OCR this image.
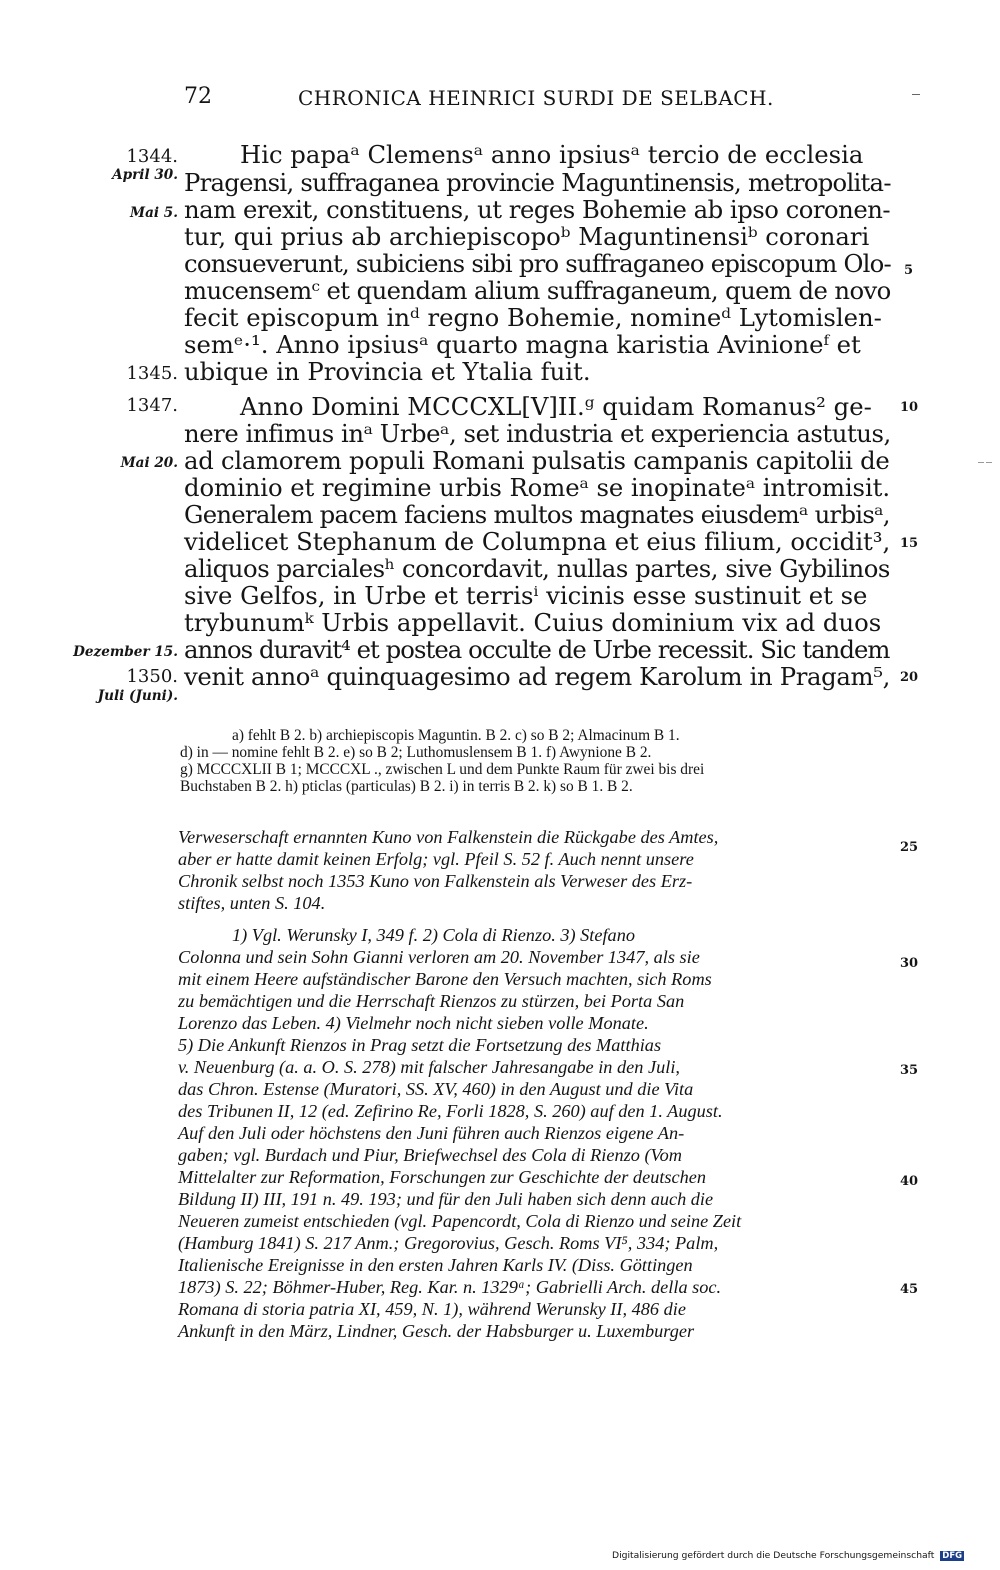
72	CHRONICA HEINRICI SURDI DE SELBACH.
Hic papaᵃ Clemensᵃ anno ipsiusᵃ tercio de ecclesia
Pragensi, suffraganea provincie Maguntinensis, metropolita-
nam erexit, constituens, ut reges Bohemie ab ipso coronen-
tur, qui prius ab archiepiscopoᵇ Maguntinensiᵇ coronari
consueverunt, subiciens sibi pro suffraganeo episcopum Olo-
mucensemᶜ et quendam alium suffraganeum, quem de novo
fecit episcopum inᵈ regno Bohemie, nomineᵈ Lytomislen-
semᵉ·¹. Anno ipsiusᵃ quarto magna karistia Avinioneᶠ et
ubique in Provincia et Ytalia fuit.
Anno Domini MCCCXL[V]II.ᵍ quidam Romanus² ge-
nere infimus inᵃ Urbeᵃ, set industria et experiencia astutus,
ad clamorem populi Romani pulsatis campanis capitolii de
dominio et regimine urbis Romeᵃ se inopinateᵃ intromisit.
Generalem pacem faciens multos magnates eiusdemᵃ urbisᵃ,
videlicet Stephanum de Columpna et eius filium, occidit³,
aliquos parcialesʰ concordavit, nullas partes, sive Gybilinos
sive Gelfos, in Urbe et terrisⁱ vicinis esse sustinuit et se
trybunumᵏ Urbis appellavit. Cuius dominium vix ad duos
annos duravit⁴ et postea occulte de Urbe recessit. Sic tandem
venit annoᵃ quinquagesimo ad regem Karolum in Pragam⁵,
1344.
April 30.
Mai 5.
1345.
1347.
Mai 20.
Dezember 15.
1350.
Juli (Juni).
5
10
15
20
25
30
35
40
45
a) fehlt B 2. b) archiepiscopis Maguntin. B 2. c) so B 2; Almacinum B 1.
d) in — nomine fehlt B 2. e) so B 2; Luthomuslensem B 1. f) Awynione B 2.
g) MCCCXLII B 1; MCCCXL ., zwischen L und dem Punkte Raum für zwei bis drei
Buchstaben B 2. h) pticlas (particulas) B 2. i) in terris B 2. k) so B 1. B 2.
Verweserschaft ernannten Kuno von Falkenstein die Rückgabe des Amtes,
aber er hatte damit keinen Erfolg; vgl. Pfeil S. 52 f. Auch nennt unsere
Chronik selbst noch 1353 Kuno von Falkenstein als Verweser des Erz-
stiftes, unten S. 104.
1) Vgl. Werunsky I, 349 f. 2) Cola di Rienzo. 3) Stefano
Colonna und sein Sohn Gianni verloren am 20. November 1347, als sie
mit einem Heere aufständischer Barone den Versuch machten, sich Roms
zu bemächtigen und die Herrschaft Rienzos zu stürzen, bei Porta San
Lorenzo das Leben. 4) Vielmehr noch nicht sieben volle Monate.
5) Die Ankunft Rienzos in Prag setzt die Fortsetzung des Matthias
v. Neuenburg (a. a. O. S. 278) mit falscher Jahresangabe in den Juli,
das Chron. Estense (Muratori, SS. XV, 460) in den August und die Vita
des Tribunen II, 12 (ed. Zefirino Re, Forli 1828, S. 260) auf den 1. August.
Auf den Juli oder höchstens den Juni führen auch Rienzos eigene An-
gaben; vgl. Burdach und Piur, Briefwechsel des Cola di Rienzo (Vom
Mittelalter zur Reformation, Forschungen zur Geschichte der deutschen
Bildung II) III, 191 n. 49. 193; und für den Juli haben sich denn auch die
Neueren zumeist entschieden (vgl. Papencordt, Cola di Rienzo und seine Zeit
(Hamburg 1841) S. 217 Anm.; Gregorovius, Gesch. Roms VI⁵, 334; Palm,
Italienische Ereignisse in den ersten Jahren Karls IV. (Diss. Göttingen
1873) S. 22; Böhmer-Huber, Reg. Kar. n. 1329ᵃ; Gabrielli Arch. della soc.
Romana di storia patria XI, 459, N. 1), während Werunsky II, 486 die
Ankunft in den März, Lindner, Gesch. der Habsburger u. Luxemburger
Digitalisierung gefördert durch die Deutsche Forschungsgemeinschaft DFG
